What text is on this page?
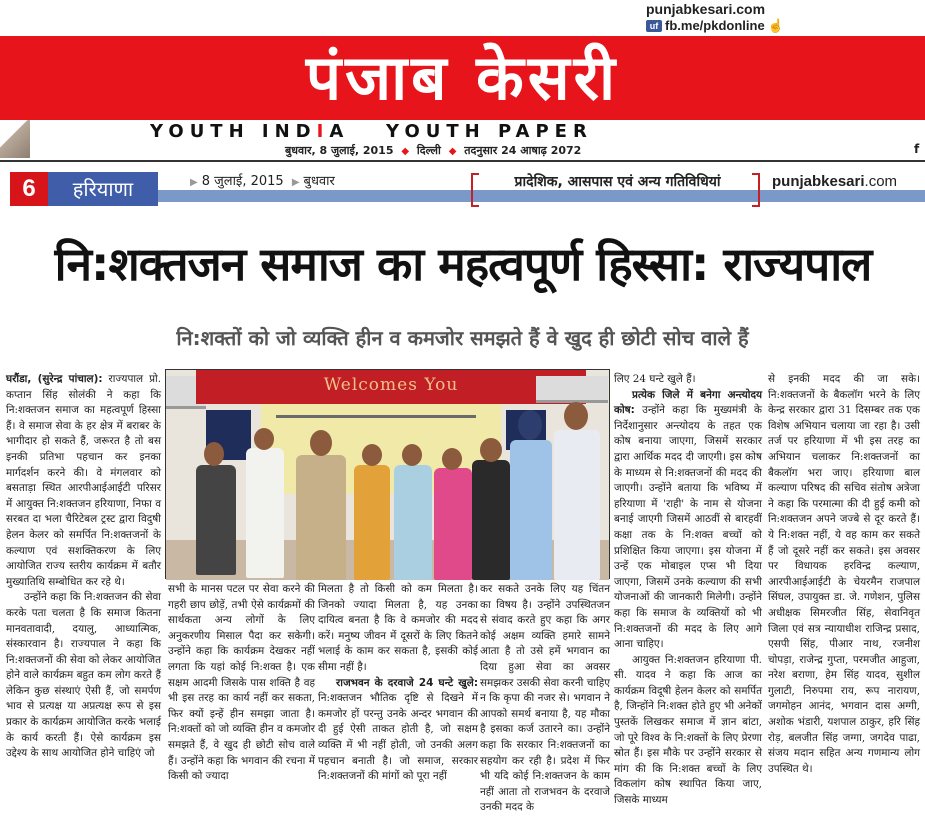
पंजाब केसरी
punjabkesari.com
uf fb.me/pkdonline ☝
YOUTH INDIA   YOUTH PAPER
बुधवार, 8 जुलाई, 2015 ◆ दिल्ली ◆ तदनुसार 24 आषाढ़ 2072	f
6	हरियाणा	▶ 8 जुलाई, 2015 ▶ बुधवार	प्रादेशिक, आसपास एवं अन्य गतिविधियां	punjabkesari.com
नि:शक्तजन समाज का महत्वपूर्ण हिस्सा: राज्यपाल
नि:शक्तों को जो व्यक्ति हीन व कमजोर समझते हैं वे खुद ही छोटी सोच वाले हैं

घरौंडा, (सुरेन्द्र पांचाल): राज्यपाल प्रो. कप्तान सिंह सोलंकी ने कहा कि नि:शक्तजन समाज का महत्वपूर्ण हिस्सा हैं। वे समाज सेवा के हर क्षेत्र में बराबर के भागीदार हो सकते हैं, जरूरत है तो बस इनकी प्रतिभा पहचान कर इनका मार्गदर्शन करने की। वे मंगलवार को बसताड़ा स्थित आरपीआईआईटी परिसर में आयुक्त नि:शक्तजन हरियाणा, निफा व सरबत दा भला चैरिटेबल ट्रस्ट द्वारा विदुषी हेलन केलर को समर्पित नि:शक्तजनों के कल्याण एवं सशक्तिकरण के लिए आयोजित राज्य स्तरीय कार्यक्रम में बतौर मुख्यातिथि सम्बोधित कर रहे थे।

उन्होंने कहा कि नि:शक्तजन की सेवा करके पता चलता है कि समाज कितना मानवतावादी, दयालु, आध्यात्मिक, संस्कारवान है। राज्यपाल ने कहा कि नि:शक्तजनों की सेवा को लेकर आयोजित होने वाले कार्यक्रम बहुत कम लोग करते हैं लेकिन कुछ संस्थाएं ऐसी हैं, जो समर्पण भाव से प्रत्यक्ष या अप्रत्यक्ष रूप से इस प्रकार के कार्यक्रम आयोजित करके भलाई के कार्य करती हैं। ऐसे कार्यक्रम इस उद्देश्य के साथ आयोजित होने चाहिएं जो

Welcomes You

सभी के मानस पटल पर सेवा करने की गहरी छाप छोड़ें, तभी ऐसे कार्यक्रमों की सार्थकता अन्य लोगों के लिए अनुकरणीय मिसाल पैदा कर सकेगी। उन्होंने कहा कि कार्यक्रम देखकर नहीं लगता कि यहां कोई नि:शक्त है। एक सक्षम आदमी जिसके पास शक्ति है वह भी इस तरह का कार्य नहीं कर सकता, फिर क्यों इन्हें हीन समझा जाता है। नि:शक्तों को जो व्यक्ति हीन व कमजोर समझते हैं, वे खुद ही छोटी सोच वाले हैं। उन्होंने कहा कि भगवान की रचना में किसी को ज्यादा

मिलता है तो किसी को कम मिलता है। जिनको ज्यादा मिलता है, यह उनका दायित्व बनता है कि वे कमजोर की मदद करें। मनुष्य जीवन में दूसरों के लिए कितने भलाई के काम कर सकता है, इसकी कोई सीमा नहीं है।

राजभवन के दरवाजे 24 घन्टे खुले: नि:शक्तजन भौतिक दृष्टि से दिखने में कमजोर हों परन्तु उनके अन्दर भगवान की दी हुई ऐसी ताकत होती है, जो सक्षम व्यक्ति में भी नहीं होती, जो उनकी अलग पहचान बनाती है। जो समाज, सरकार नि:शक्तजनों की मांगों को पूरा नहीं

कर सकते उनके लिए यह चिंतन का विषय है। उन्होंने उपस्थितजन से संवाद करते हुए कहा कि अगर कोई अक्षम व्यक्ति हमारे सामने आता है तो उसे हमें भगवान का दिया हुआ सेवा का अवसर समझकर उसकी सेवा करनी चाहिए न कि कृपा की नजर से। भगवान ने आपको समर्थ बनाया है, यह मौका है इसका कर्ज उतारने का। उन्होंने कहा कि सरकार नि:शक्तजनों का सहयोग कर रही है। प्रदेश में फिर भी यदि कोई नि:शक्तजन के काम नहीं आता तो राजभवन के दरवाजे उनकी मदद के

लिए 24 घन्टे खुले हैं।

प्रत्येक जिले में बनेगा अन्त्योदय कोष: उन्होंने कहा कि मुख्यमंत्री के निर्देशानुसार अन्त्योदय के तहत एक कोष बनाया जाएगा, जिसमें सरकार द्वारा आर्थिक मदद दी जाएगी। इस कोष के माध्यम से नि:शक्तजनों की मदद की जाएगी। उन्होंने बताया कि भविष्य में हरियाणा में 'राही' के नाम से योजना बनाई जाएगी जिसमें आठवीं से बारहवीं कक्षा तक के नि:शक्त बच्चों को प्रशिक्षित किया जाएगा। इस योजना में उन्हें एक मोबाइल एप्स भी दिया जाएगा, जिसमें उनके कल्याण की सभी योजनाओं की जानकारी मिलेगी। उन्होंने कहा कि समाज के व्यक्तियों को भी नि:शक्तजनों की मदद के लिए आगे आना चाहिए।

आयुक्त नि:शक्तजन हरियाणा पी. सी. यादव ने कहा कि आज का कार्यक्रम विदूषी हेलन केलर को समर्पित है, जिन्होंने नि:शक्त होते हुए भी अनेकों पुस्तकें लिखकर समाज में ज्ञान बांटा, जो पूरे विश्व के नि:शक्तों के लिए प्रेरणा स्रोत हैं। इस मौके पर उन्होंने सरकार से मांग की कि नि:शक्त बच्चों के लिए विकलांग कोष स्थापित किया जाए, जिसके माध्यम

से इनकी मदद की जा सके। नि:शक्तजनों के बैकलॉग भरने के लिए केन्द्र सरकार द्वारा 31 दिसम्बर तक एक विशेष अभियान चलाया जा रहा है। उसी तर्ज पर हरियाणा में भी इस तरह का अभियान चलाकर नि:शक्तजनों का बैकलॉग भरा जाए। हरियाणा बाल कल्याण परिषद की सचिव संतोष अत्रेजा ने कहा कि परमात्मा की दी हुई कमी को नि:शक्तजन अपने जज्बे से दूर करते हैं। ये नि:शक्त नहीं, ये वह काम कर सकते हैं जो दूसरे नहीं कर सकते। इस अवसर पर विधायक हरविन्द्र कल्याण, आरपीआईआईटी के चेयरमैन राजपाल सिंघल, उपायुक्त डा. जे. गणेशन, पुलिस अधीक्षक सिमरजीत सिंह, सेवानिवृत जिला एवं सत्र न्यायाधीश राजिन्द्र प्रसाद, एसपी सिंह, पीआर नाथ, रजनीश चोपड़ा, राजेन्द्र गुप्ता, परमजीत आहुजा, नरेश बराणा, हेम सिंह यादव, सुशील गुलाटी, निरुपमा राय, रूप नारायण, जगमोहन आनंद, भगवान दास अग्गी, अशोक भंडारी, यशपाल ठाकुर, हरि सिंह रोड़, बलजीत सिंह जग्गा, जगदेव पाढा, संजय मदान सहित अन्य गणमान्य लोग उपस्थित थे।
